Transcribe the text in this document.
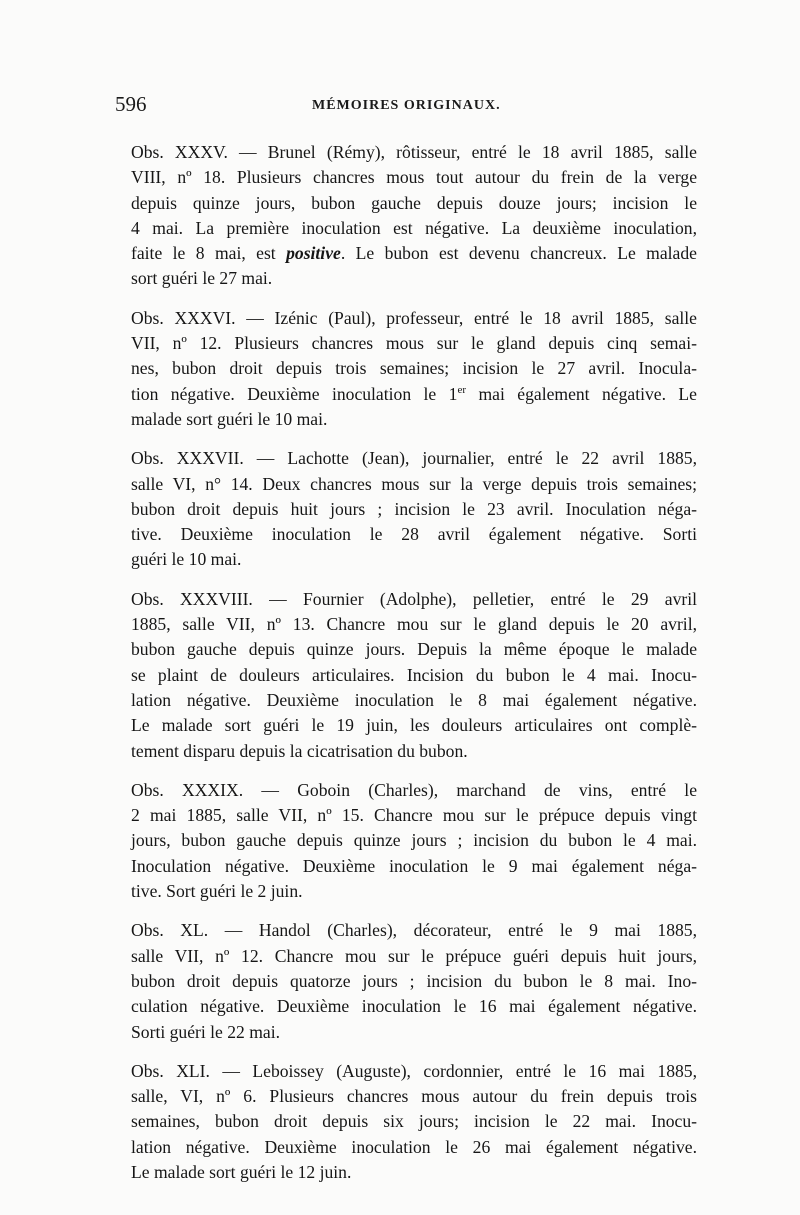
596	MÉMOIRES ORIGINAUX.
Obs. XXXV. — Brunel (Rémy), rôtisseur, entré le 18 avril 1885, salle
VIII, nº 18. Plusieurs chancres mous tout autour du frein de la verge
depuis quinze jours, bubon gauche depuis douze jours; incision le
4 mai. La première inoculation est négative. La deuxième inoculation,
faite le 8 mai, est positive. Le bubon est devenu chancreux. Le malade
sort guéri le 27 mai.
Obs. XXXVI. — Izénic (Paul), professeur, entré le 18 avril 1885, salle
VII, nº 12. Plusieurs chancres mous sur le gland depuis cinq semai-
nes, bubon droit depuis trois semaines; incision le 27 avril. Inocula-
tion négative. Deuxième inoculation le 1er mai également négative. Le
malade sort guéri le 10 mai.
Obs. XXXVII. — Lachotte (Jean), journalier, entré le 22 avril 1885,
salle VI, n° 14. Deux chancres mous sur la verge depuis trois semaines;
bubon droit depuis huit jours ; incision le 23 avril. Inoculation néga-
tive. Deuxième inoculation le 28 avril également négative. Sorti
guéri le 10 mai.
Obs. XXXVIII. — Fournier (Adolphe), pelletier, entré le 29 avril
1885, salle VII, nº 13. Chancre mou sur le gland depuis le 20 avril,
bubon gauche depuis quinze jours. Depuis la même époque le malade
se plaint de douleurs articulaires. Incision du bubon le 4 mai. Inocu-
lation négative. Deuxième inoculation le 8 mai également négative.
Le malade sort guéri le 19 juin, les douleurs articulaires ont complè-
tement disparu depuis la cicatrisation du bubon.
Obs. XXXIX. — Goboin (Charles), marchand de vins, entré le
2 mai 1885, salle VII, nº 15. Chancre mou sur le prépuce depuis vingt
jours, bubon gauche depuis quinze jours ; incision du bubon le 4 mai.
Inoculation négative. Deuxième inoculation le 9 mai également néga-
tive. Sort guéri le 2 juin.
Obs. XL. — Handol (Charles), décorateur, entré le 9 mai 1885,
salle VII, nº 12. Chancre mou sur le prépuce guéri depuis huit jours,
bubon droit depuis quatorze jours ; incision du bubon le 8 mai. Ino-
culation négative. Deuxième inoculation le 16 mai également négative.
Sorti guéri le 22 mai.
Obs. XLI. — Leboissey (Auguste), cordonnier, entré le 16 mai 1885,
salle, VI, nº 6. Plusieurs chancres mous autour du frein depuis trois
semaines, bubon droit depuis six jours; incision le 22 mai. Inocu-
lation négative. Deuxième inoculation le 26 mai également négative.
Le malade sort guéri le 12 juin.
